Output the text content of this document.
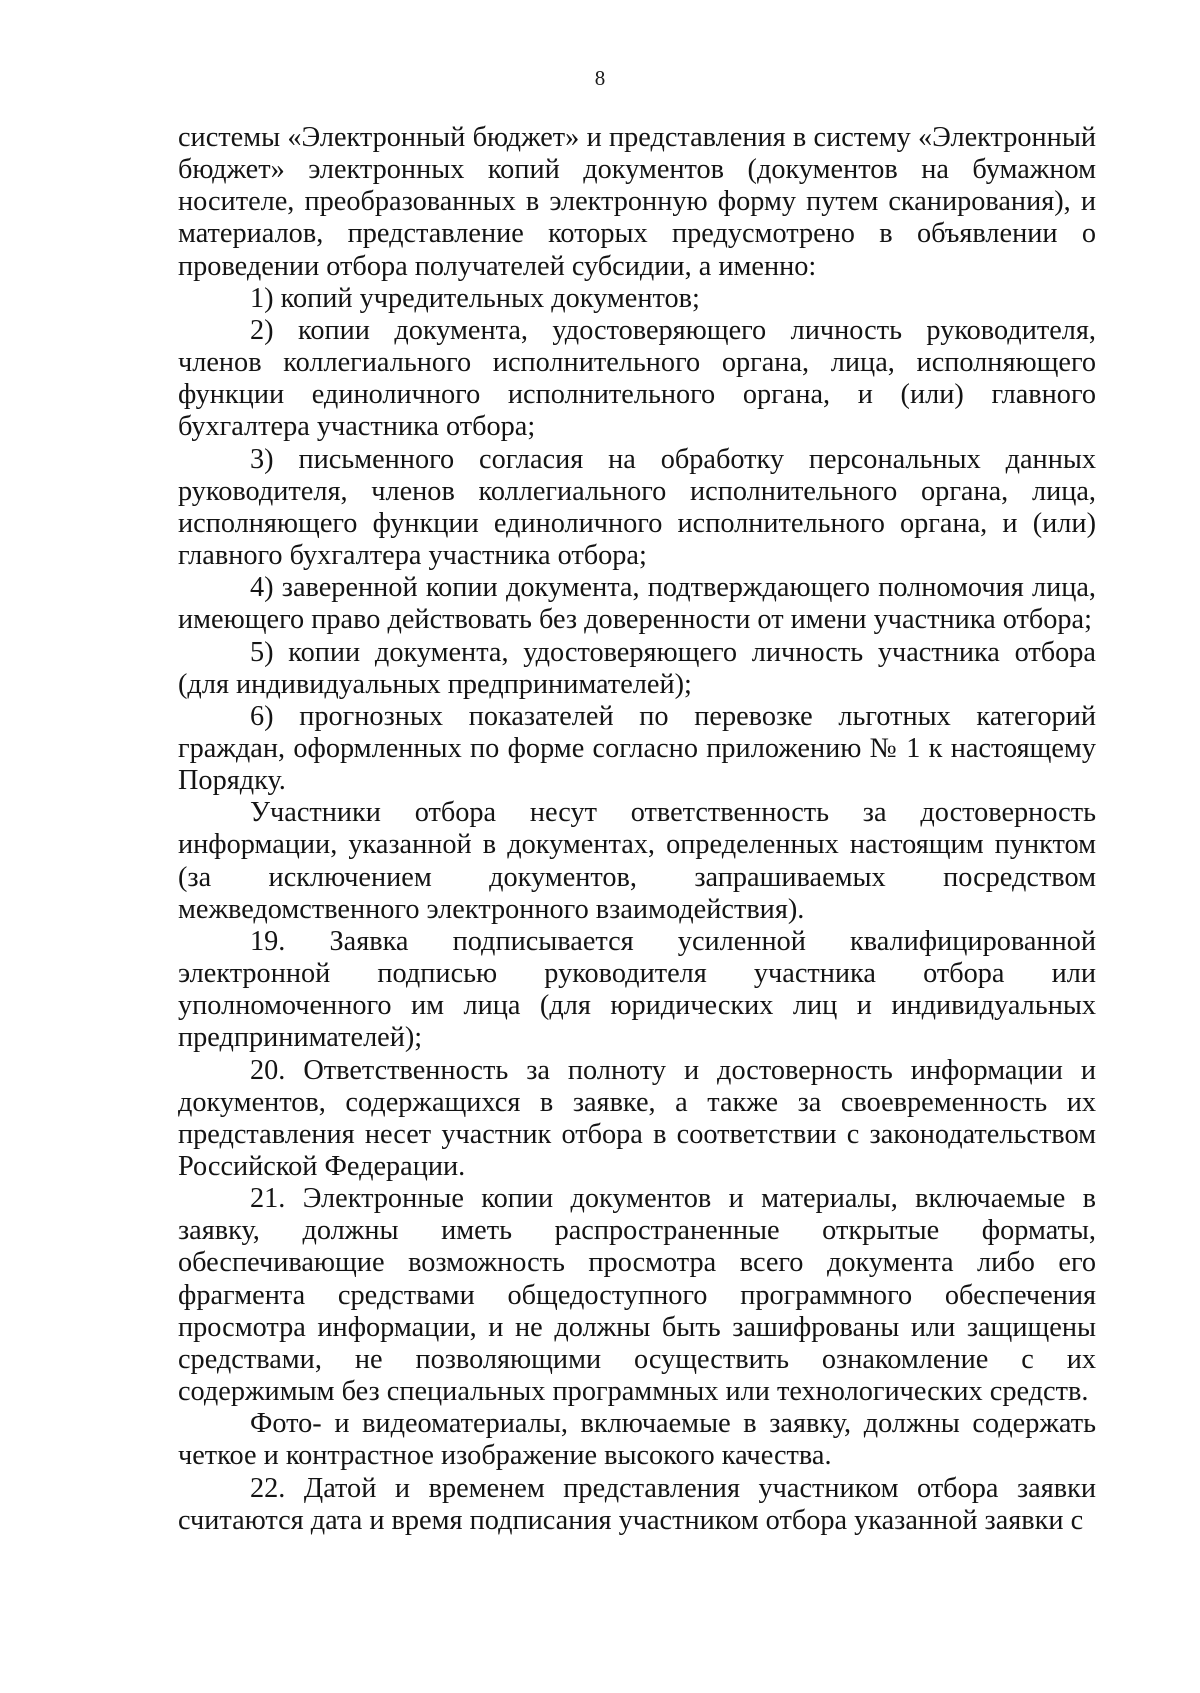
8

системы «Электронный бюджет» и представления в систему «Электронный бюджет» электронных копий документов (документов на бумажном носителе, преобразованных в электронную форму путем сканирования), и материалов, представление которых предусмотрено в объявлении о проведении отбора получателей субсидии, а именно:

1) копий учредительных документов;

2) копии документа, удостоверяющего личность руководителя, членов коллегиального исполнительного органа, лица, исполняющего функции единоличного исполнительного органа, и (или) главного бухгалтера участника отбора;

3) письменного согласия на обработку персональных данных руководителя, членов коллегиального исполнительного органа, лица, исполняющего функции единоличного исполнительного органа, и (или) главного бухгалтера участника отбора;

4) заверенной копии документа, подтверждающего полномочия лица, имеющего право действовать без доверенности от имени участника отбора;

5) копии документа, удостоверяющего личность участника отбора (для индивидуальных предпринимателей);

6) прогнозных показателей по перевозке льготных категорий граждан, оформленных по форме согласно приложению № 1 к настоящему Порядку.

Участники отбора несут ответственность за достоверность информации, указанной в документах, определенных настоящим пунктом (за исключением документов, запрашиваемых посредством межведомственного электронного взаимодействия).

19. Заявка подписывается усиленной квалифицированной электронной подписью руководителя участника отбора или уполномоченного им лица (для юридических лиц и индивидуальных предпринимателей);

20. Ответственность за полноту и достоверность информации и документов, содержащихся в заявке, а также за своевременность их представления несет участник отбора в соответствии с законодательством Российской Федерации.

21. Электронные копии документов и материалы, включаемые в заявку, должны иметь распространенные открытые форматы, обеспечивающие возможность просмотра всего документа либо его фрагмента средствами общедоступного программного обеспечения просмотра информации, и не должны быть зашифрованы или защищены средствами, не позволяющими осуществить ознакомление с их содержимым без специальных программных или технологических средств.

Фото- и видеоматериалы, включаемые в заявку, должны содержать четкое и контрастное изображение высокого качества.

22. Датой и временем представления участником отбора заявки считаются дата и время подписания участником отбора указанной заявки с
